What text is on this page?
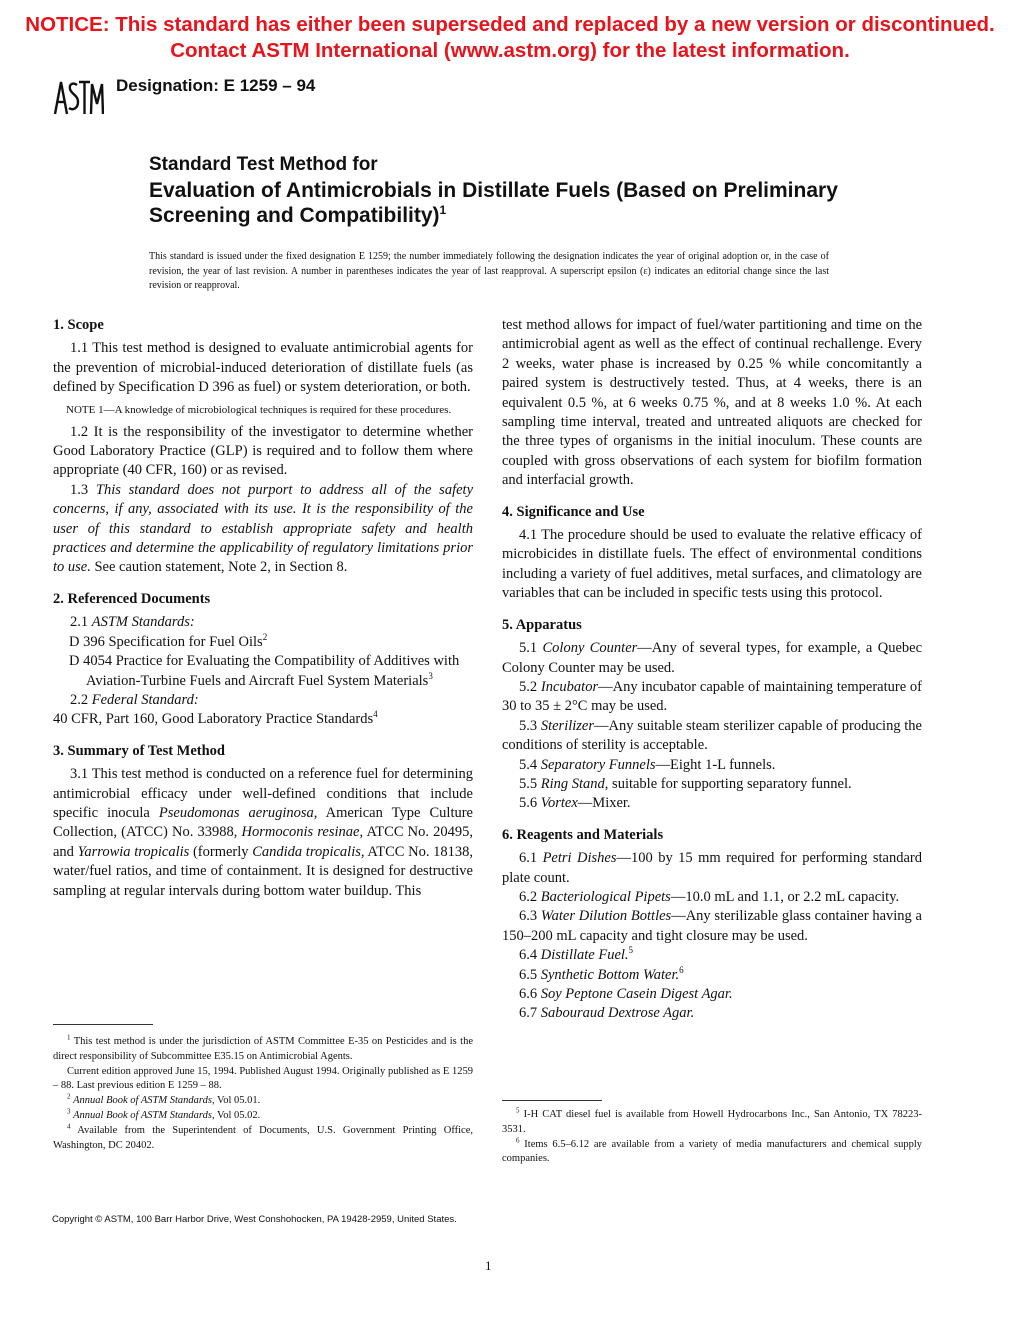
NOTICE: This standard has either been superseded and replaced by a new version or discontinued.
Contact ASTM International (www.astm.org) for the latest information.
Designation: E 1259 – 94
Standard Test Method for
Evaluation of Antimicrobials in Distillate Fuels (Based on Preliminary Screening and Compatibility)$^1$
This standard is issued under the fixed designation E 1259; the number immediately following the designation indicates the year of original adoption or, in the case of revision, the year of last revision. A number in parentheses indicates the year of last reapproval. A superscript epsilon (ε) indicates an editorial change since the last revision or reapproval.
1. Scope

1.1 This test method is designed to evaluate antimicrobial agents for the prevention of microbial-induced deterioration of distillate fuels (as defined by Specification D 396 as fuel) or system deterioration, or both.

NOTE 1—A knowledge of microbiological techniques is required for these procedures.

1.2 It is the responsibility of the investigator to determine whether Good Laboratory Practice (GLP) is required and to follow them where appropriate (40 CFR, 160) or as revised.

1.3 This standard does not purport to address all of the safety concerns, if any, associated with its use. It is the responsibility of the user of this standard to establish appropriate safety and health practices and determine the applicability of regulatory limitations prior to use. See caution statement, Note 2, in Section 8.

2. Referenced Documents

2.1 ASTM Standards:

D 396 Specification for Fuel Oils$^2$

D 4054 Practice for Evaluating the Compatibility of Additives with Aviation-Turbine Fuels and Aircraft Fuel System Materials$^3$

2.2 Federal Standard:

40 CFR, Part 160, Good Laboratory Practice Standards$^4$

3. Summary of Test Method

3.1 This test method is conducted on a reference fuel for determining antimicrobial efficacy under well-defined conditions that include specific inocula Pseudomonas aeruginosa, American Type Culture Collection, (ATCC) No. 33988, Hormoconis resinae, ATCC No. 20495, and Yarrowia tropicalis (formerly Candida tropicalis, ATCC No. 18138, water/fuel ratios, and time of containment. It is designed for destructive sampling at regular intervals during bottom water buildup. This

test method allows for impact of fuel/water partitioning and time on the antimicrobial agent as well as the effect of continual rechallenge. Every 2 weeks, water phase is increased by 0.25 % while concomitantly a paired system is destructively tested. Thus, at 4 weeks, there is an equivalent 0.5 %, at 6 weeks 0.75 %, and at 8 weeks 1.0 %. At each sampling time interval, treated and untreated aliquots are checked for the three types of organisms in the initial inoculum. These counts are coupled with gross observations of each system for biofilm formation and interfacial growth.

4. Significance and Use

4.1 The procedure should be used to evaluate the relative efficacy of microbicides in distillate fuels. The effect of environmental conditions including a variety of fuel additives, metal surfaces, and climatology are variables that can be included in specific tests using this protocol.

5. Apparatus

5.1 Colony Counter—Any of several types, for example, a Quebec Colony Counter may be used.

5.2 Incubator—Any incubator capable of maintaining temperature of 30 to 35 ± 2°C may be used.

5.3 Sterilizer—Any suitable steam sterilizer capable of producing the conditions of sterility is acceptable.

5.4 Separatory Funnels—Eight 1-L funnels.

5.5 Ring Stand, suitable for supporting separatory funnel.

5.6 Vortex—Mixer.

6. Reagents and Materials

6.1 Petri Dishes—100 by 15 mm required for performing standard plate count.

6.2 Bacteriological Pipets—10.0 mL and 1.1, or 2.2 mL capacity.

6.3 Water Dilution Bottles—Any sterilizable glass container having a 150–200 mL capacity and tight closure may be used.

6.4 Distillate Fuel.$^5$

6.5 Synthetic Bottom Water.$^6$

6.6 Soy Peptone Casein Digest Agar.

6.7 Sabouraud Dextrose Agar.

$^1$ This test method is under the jurisdiction of ASTM Committee E-35 on Pesticides and is the direct responsibility of Subcommittee E35.15 on Antimicrobial Agents.

Current edition approved June 15, 1994. Published August 1994. Originally published as E 1259 – 88. Last previous edition E 1259 – 88.

$^2$ Annual Book of ASTM Standards, Vol 05.01.

$^3$ Annual Book of ASTM Standards, Vol 05.02.

$^4$ Available from the Superintendent of Documents, U.S. Government Printing Office, Washington, DC 20402.

$^5$ I-H CAT diesel fuel is available from Howell Hydrocarbons Inc., San Antonio, TX 78223-3531.

$^6$ Items 6.5–6.12 are available from a variety of media manufacturers and chemical supply companies.

Copyright © ASTM, 100 Barr Harbor Drive, West Conshohocken, PA 19428-2959, United States.
1
